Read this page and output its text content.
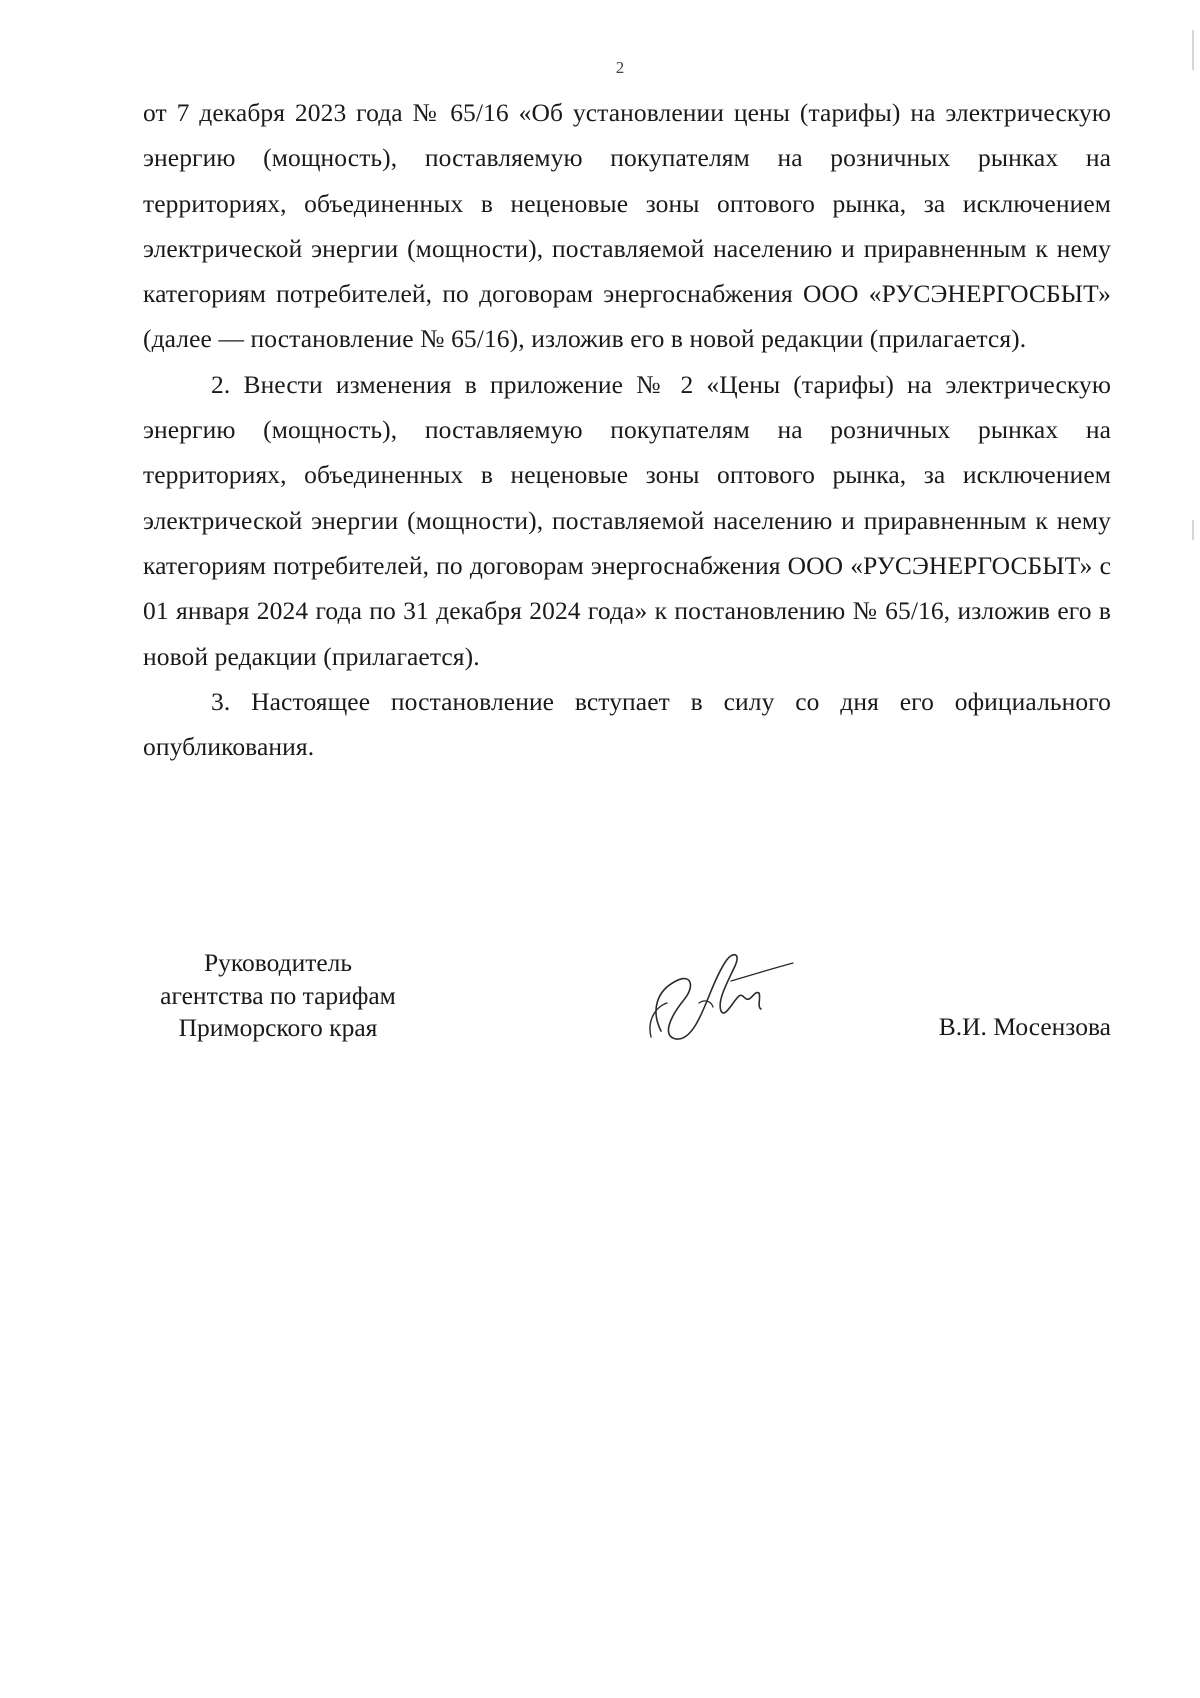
2

от 7 декабря 2023 года № 65/16 «Об установлении цены (тарифы) на электрическую энергию (мощность), поставляемую покупателям на розничных рынках на территориях, объединенных в неценовые зоны оптового рынка, за исключением электрической энергии (мощности), поставляемой населению и приравненным к нему категориям потребителей, по договорам энергоснабжения ООО «РУСЭНЕРГОСБЫТ» (далее — постановление № 65/16), изложив его в новой редакции (прилагается).

2. Внести изменения в приложение № 2 «Цены (тарифы) на электрическую энергию (мощность), поставляемую покупателям на розничных рынках на территориях, объединенных в неценовые зоны оптового рынка, за исключением электрической энергии (мощности), поставляемой населению и приравненным к нему категориям потребителей, по договорам энергоснабжения ООО «РУСЭНЕРГОСБЫТ» с 01 января 2024 года по 31 декабря 2024 года» к постановлению № 65/16, изложив его в новой редакции (прилагается).

3. Настоящее постановление вступает в силу со дня его официального опубликования.

Руководитель
агентства по тарифам
Приморского края	В.И. Мосензова
